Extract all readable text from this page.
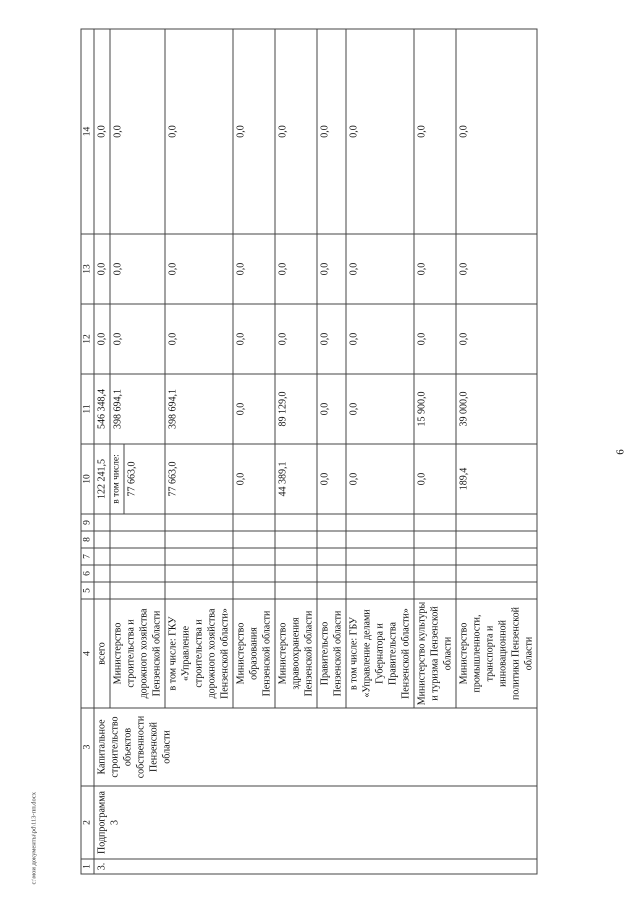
6
c:\мои документы\pd\113-пп.docx	1	2	3	4	5	6	7	8	9	10	11	12	13	14
3.	Подпрограмма 3	Капитальное строительство объектов собственности Пензенской области	всего						122 241,5	546 348,4	0,0	0,0	0,0
			Министерство строительства и дорожного хозяйства Пензенской области						в том числе: 77 663,0	398 694,1	0,0	0,0	0,0
			в том числе: ГКУ «Управление строительства и дорожного хозяйства Пензенской области»						77 663,0	398 694,1	0,0	0,0	0,0
			Министерство образования Пензенской области						0,0	0,0	0,0	0,0	0,0
			Министерство здравоохранения Пензенской области						44 389,1	89 129,0	0,0	0,0	0,0
			Правительство Пензенской области						0,0	0,0	0,0	0,0	0,0
			в том числе: ГБУ «Управление делами Губернатора и Правительства Пензенской области»						0,0	0,0	0,0	0,0	0,0
			Министерство культуры и туризма Пензенской области						0,0	15 900,0	0,0	0,0	0,0
			Министерство промышленности, транспорта и инновационной политики Пензенской области						189,4	39 000,0	0,0	0,0	0,0
